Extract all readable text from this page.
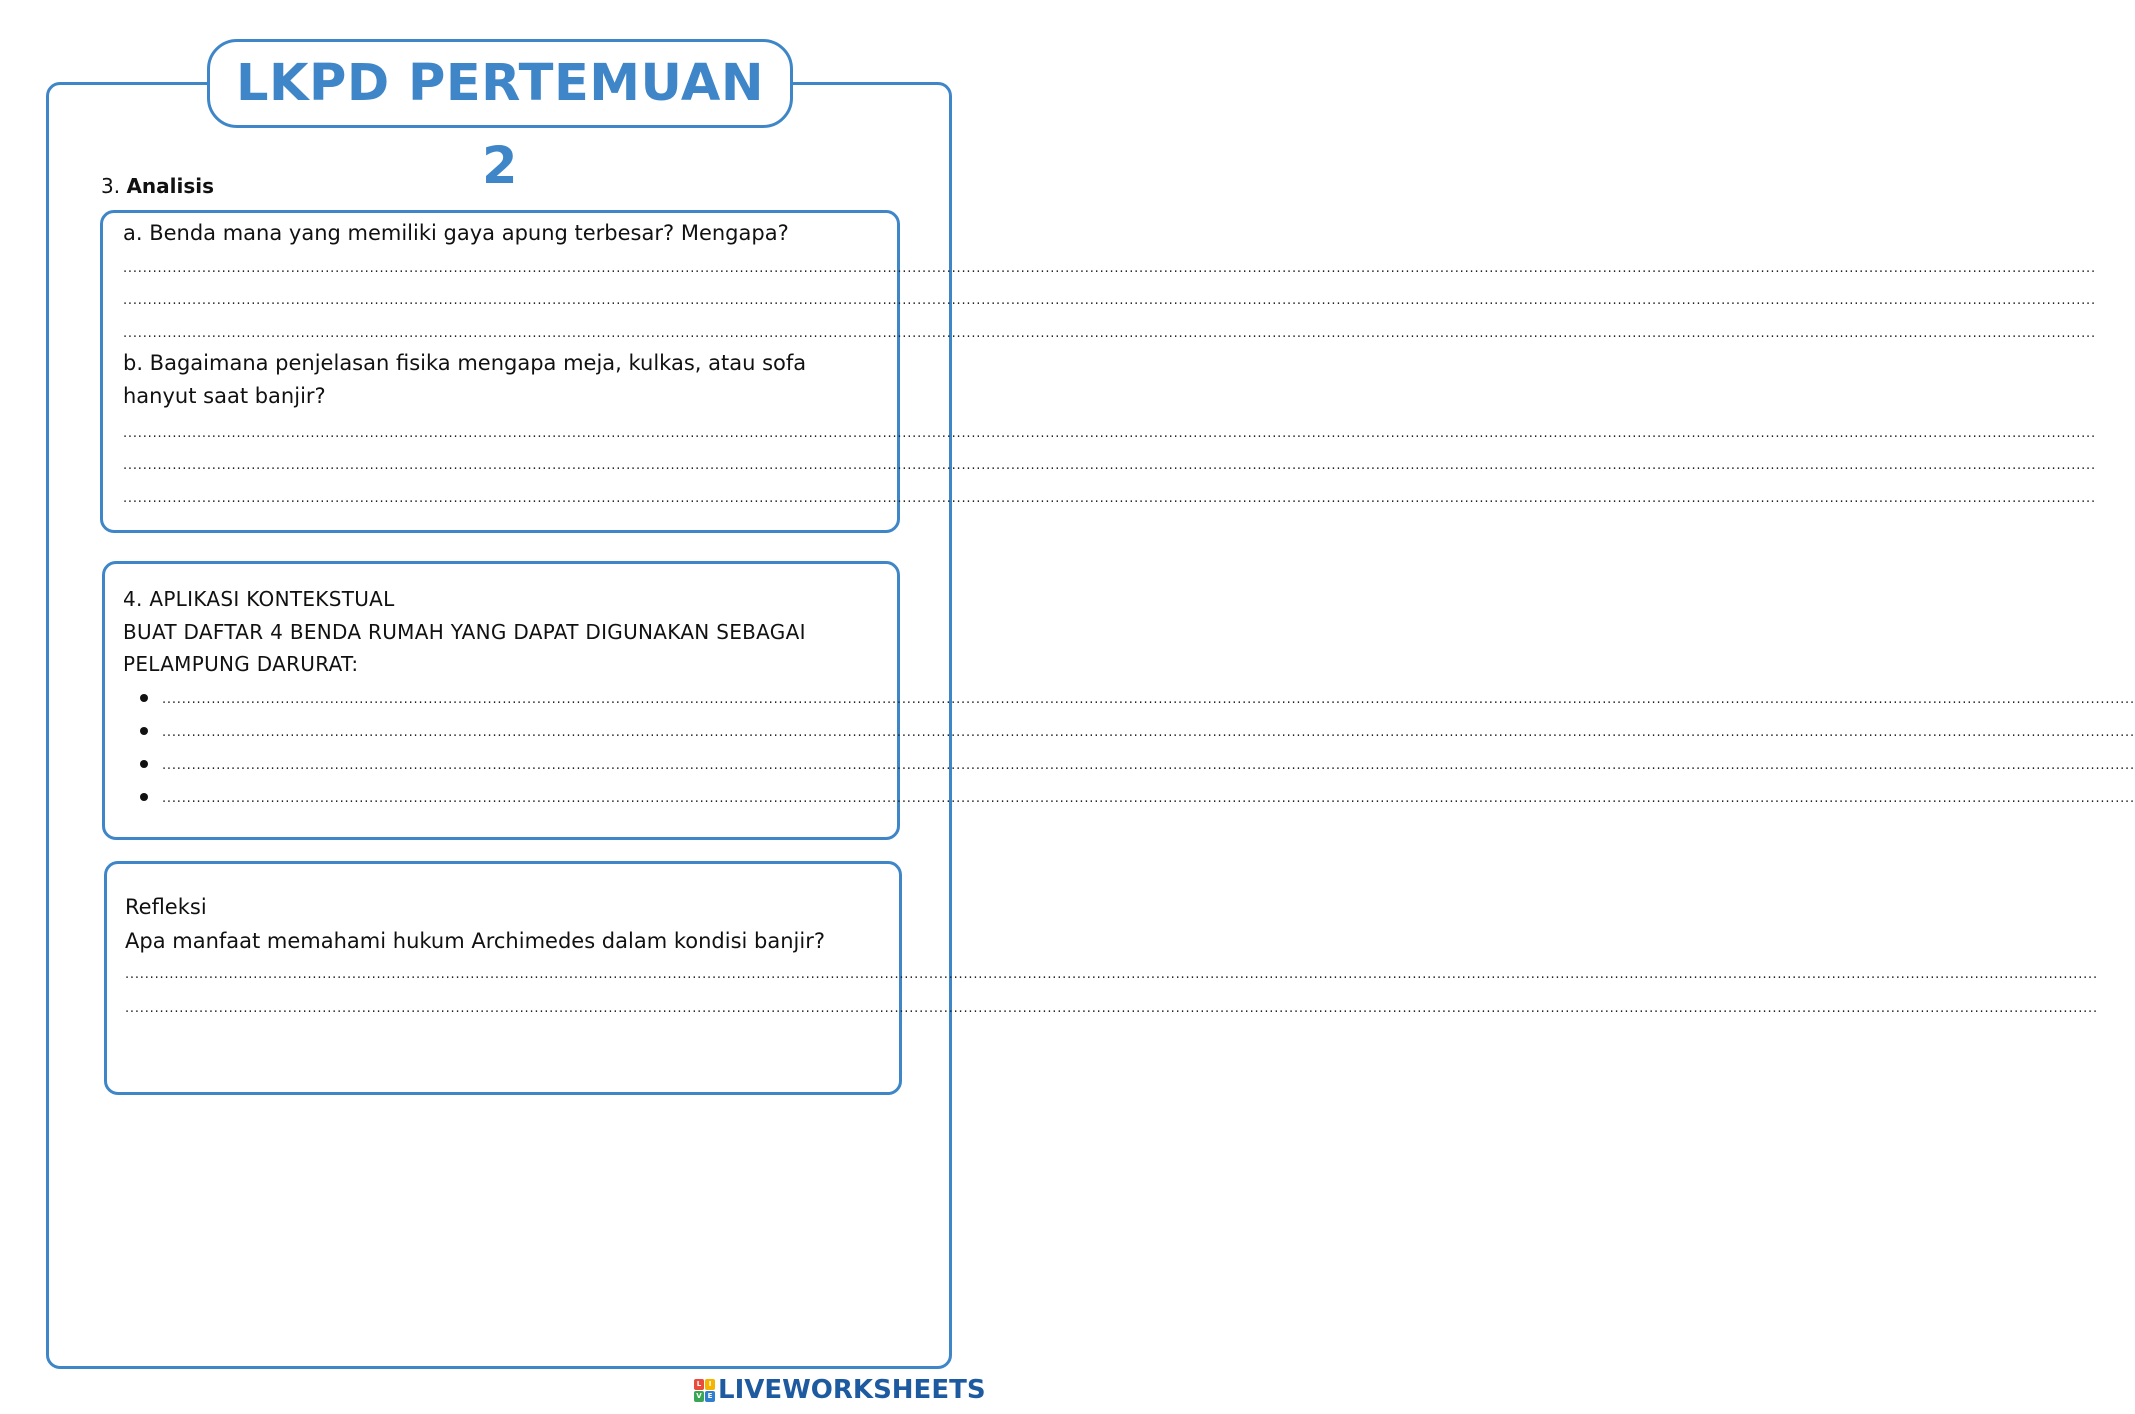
LKPD PERTEMUAN 2
3. Analisis
a. Benda mana yang memiliki gaya apung terbesar? Mengapa?
................................................................................................................................................................................................................................................................................................................................................................................................................
................................................................................................................................................................................................................................................................................................................................................................................................................
................................................................................................................................................................................................................................................................................................................................................................................................................
b. Bagaimana penjelasan fisika mengapa meja, kulkas, atau sofa
hanyut saat banjir?
................................................................................................................................................................................................................................................................................................................................................................................................................
................................................................................................................................................................................................................................................................................................................................................................................................................
................................................................................................................................................................................................................................................................................................................................................................................................................
4. APLIKASI KONTEKSTUAL
BUAT DAFTAR 4 BENDA RUMAH YANG DAPAT DIGUNAKAN SEBAGAI
PELAMPUNG DARURAT:
................................................................................................................................................................................................................................................................................................................................................................................................................
................................................................................................................................................................................................................................................................................................................................................................................................................
................................................................................................................................................................................................................................................................................................................................................................................................................
................................................................................................................................................................................................................................................................................................................................................................................................................
Refleksi
Apa manfaat memahami hukum Archimedes dalam kondisi banjir?
................................................................................................................................................................................................................................................................................................................................................................................................................
................................................................................................................................................................................................................................................................................................................................................................................................................
L	I
V E LIVEWORKSHEETS
